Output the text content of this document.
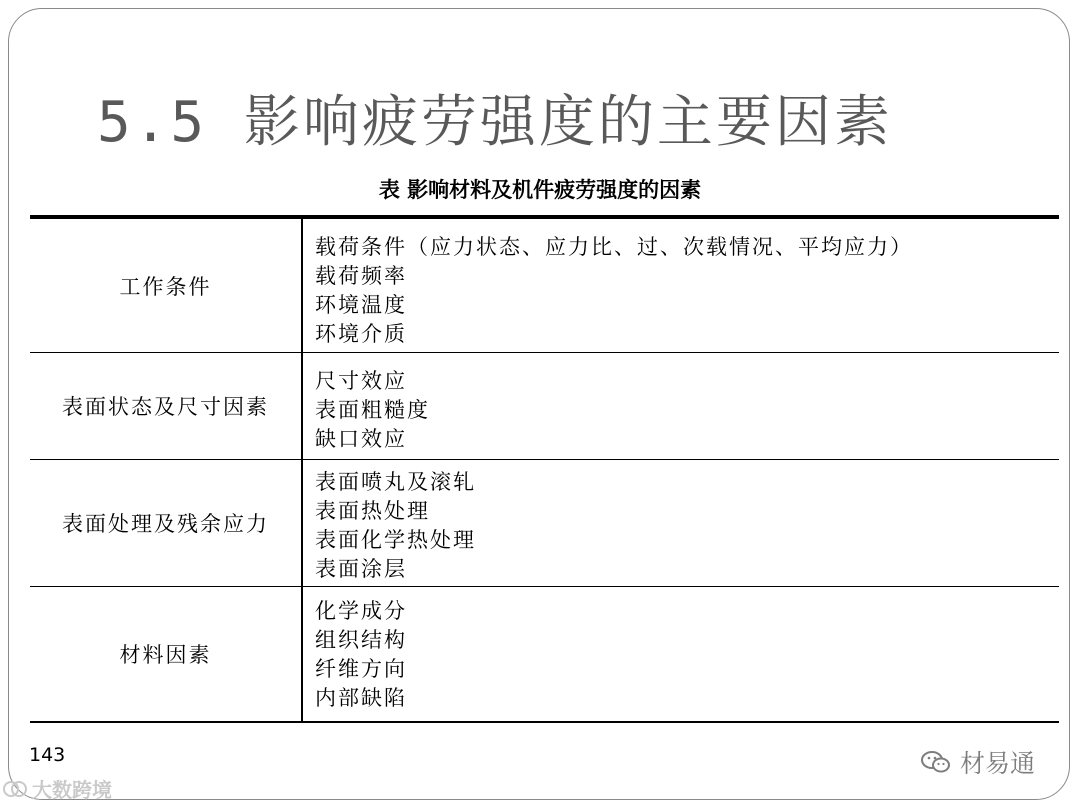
5.5 影响疲劳强度的主要因素
表 影响材料及机件疲劳强度的因素
工作条件
载荷条件（应力状态、应力比、过、次载情况、平均应力）
载荷频率
环境温度
环境介质
表面状态及尺寸因素
尺寸效应
表面粗糙度
缺口效应
表面处理及残余应力
表面喷丸及滚轧
表面热处理
表面化学热处理
表面涂层
材料因素
化学成分
组织结构
纤维方向
内部缺陷
143
大数跨境
材易通
